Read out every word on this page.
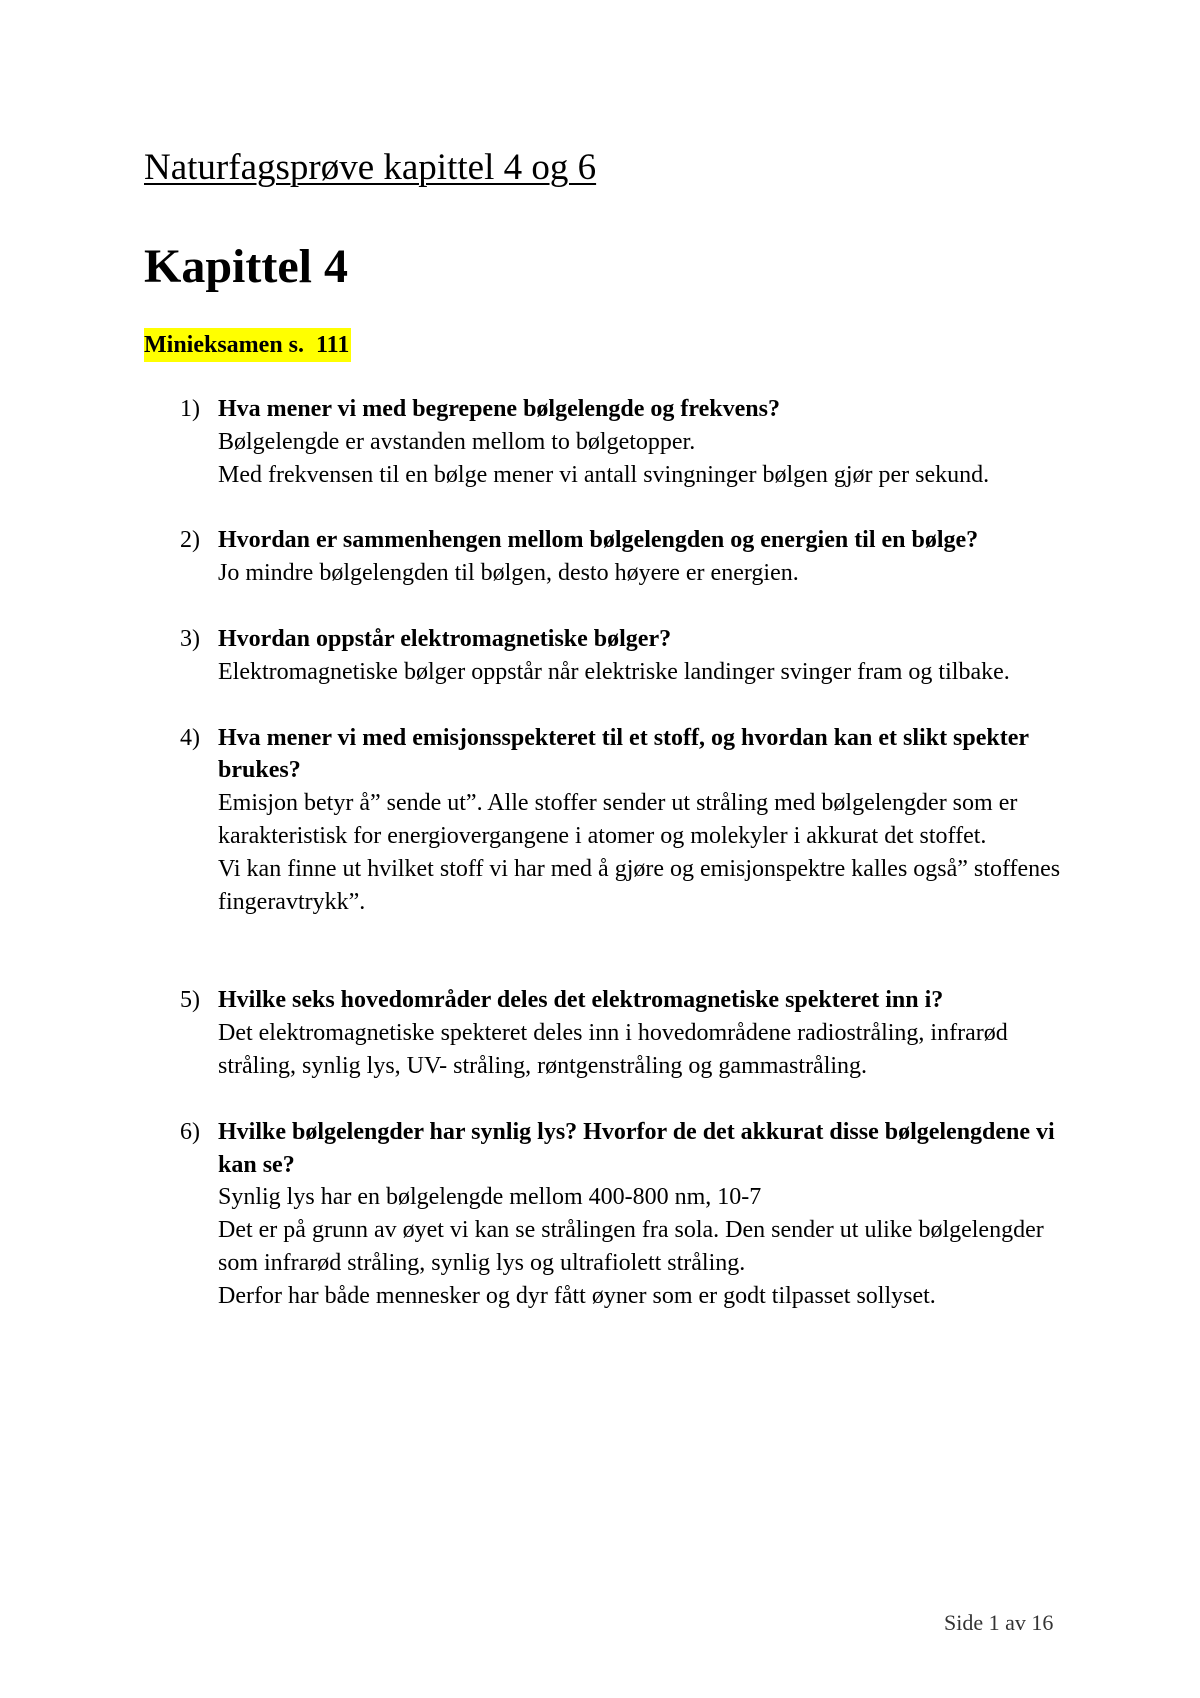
Naturfagsprøve kapittel 4 og 6
Kapittel 4
Minieksamen s.  111
1) Hva mener vi med begrepene bølgelengde og frekvens?
Bølgelengde er avstanden mellom to bølgetopper.
Med frekvensen til en bølge mener vi antall svingninger bølgen gjør per sekund.
2) Hvordan er sammenhengen mellom bølgelengden og energien til en bølge?
Jo mindre bølgelengden til bølgen, desto høyere er energien.
3) Hvordan oppstår elektromagnetiske bølger?
Elektromagnetiske bølger oppstår når elektriske landinger svinger fram og tilbake.
4) Hva mener vi med emisjonsspekteret til et stoff, og hvordan kan et slikt spekter brukes?
Emisjon betyr å” sende ut”. Alle stoffer sender ut stråling med bølgelengder som er karakteristisk for energiovergangene i atomer og molekyler i akkurat det stoffet.
Vi kan finne ut hvilket stoff vi har med å gjøre og emisjonspektre kalles også” stoffenes fingeravtrykk”.
5) Hvilke seks hovedområder deles det elektromagnetiske spekteret inn i?
Det elektromagnetiske spekteret deles inn i hovedområdene radiostråling, infrarød stråling, synlig lys, UV- stråling, røntgenstråling og gammastråling.
6) Hvilke bølgelengder har synlig lys? Hvorfor de det akkurat disse bølgelengdene vi kan se?
Synlig lys har en bølgelengde mellom 400-800 nm, 10-7
Det er på grunn av øyet vi kan se strålingen fra sola. Den sender ut ulike bølgelengder som infrarød stråling, synlig lys og ultrafiolett stråling.
Derfor har både mennesker og dyr fått øyner som er godt tilpasset sollyset.
Side 1 av 16
